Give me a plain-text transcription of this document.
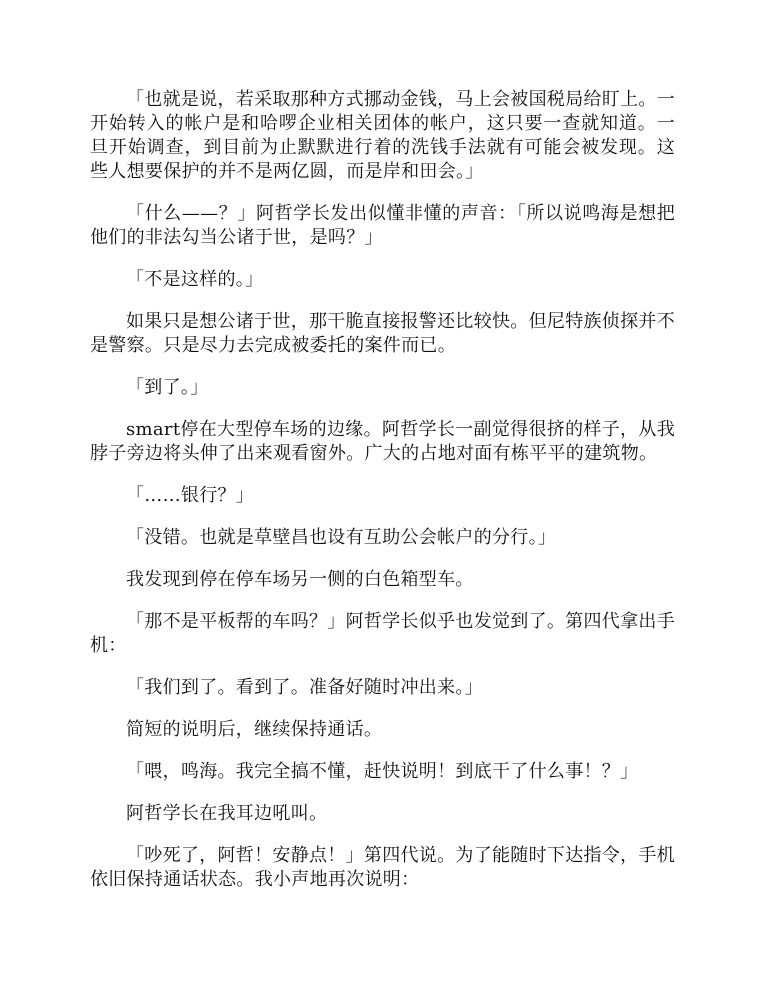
「也就是说，若采取那种方式挪动金钱，马上会被国税局给盯上。一开始转入的帐户是和哈啰企业相关团体的帐户，这只要一查就知道。一旦开始调查，到目前为止默默进行着的洗钱手法就有可能会被发现。这些人想要保护的并不是两亿圆，而是岸和田会。」

「什么——？」阿哲学长发出似懂非懂的声音：「所以说鸣海是想把他们的非法勾当公诸于世，是吗？」

「不是这样的。」

如果只是想公诸于世，那干脆直接报警还比较快。但尼特族侦探并不是警察。只是尽力去完成被委托的案件而已。

「到了。」

smart停在大型停车场的边缘。阿哲学长一副觉得很挤的样子，从我脖子旁边将头伸了出来观看窗外。广大的占地对面有栋平平的建筑物。

「……银行？」

「没错。也就是草壁昌也设有互助公会帐户的分行。」

我发现到停在停车场另一侧的白色箱型车。

「那不是平板帮的车吗？」阿哲学长似乎也发觉到了。第四代拿出手机：

「我们到了。看到了。准备好随时冲出来。」

简短的说明后，继续保持通话。

「喂，鸣海。我完全搞不懂，赶快说明！到底干了什么事！？」

阿哲学长在我耳边吼叫。

「吵死了，阿哲！安静点！」第四代说。为了能随时下达指令，手机依旧保持通话状态。我小声地再次说明：
